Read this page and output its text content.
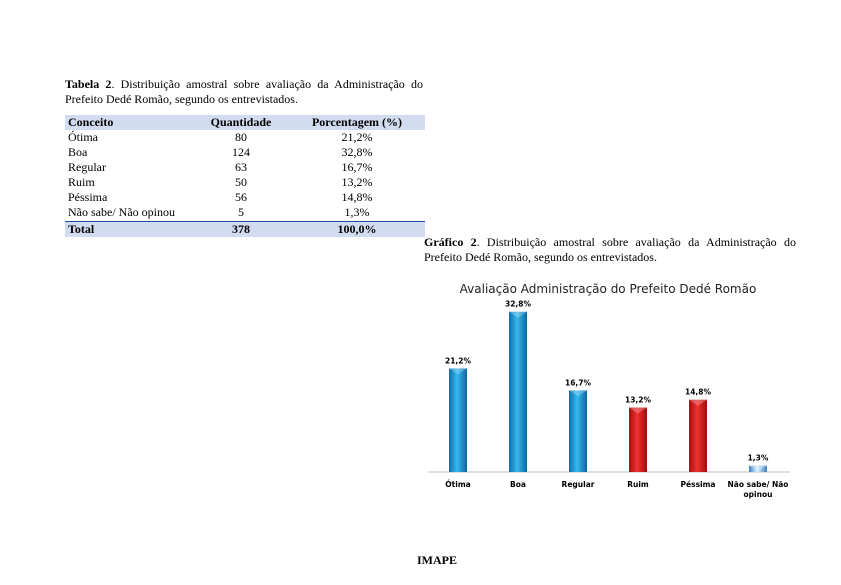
Tabela 2. Distribuição amostral sobre avaliação da Administração do Prefeito Dedé Romão, segundo os entrevistados.
Conceito	Quantidade	Porcentagem (%)
Ótima	80	21,2%
Boa	124	32,8%
Regular	63	16,7%
Ruim	50	13,2%
Péssima	56	14,8%
Não sabe/ Não opinou	5	1,3%
Total	378	100,0%
Gráfico 2. Distribuição amostral sobre avaliação da Administração do Prefeito Dedé Romão, segundo os entrevistados.
Avaliação Administração do Prefeito Dedé Romão
21,2%
Ótima
32,8%
Boa
16,7%
Regular
13,2%
Ruim
14,8%
Péssima
1,3%
Não sabe/ Não opinou
IMAPE
